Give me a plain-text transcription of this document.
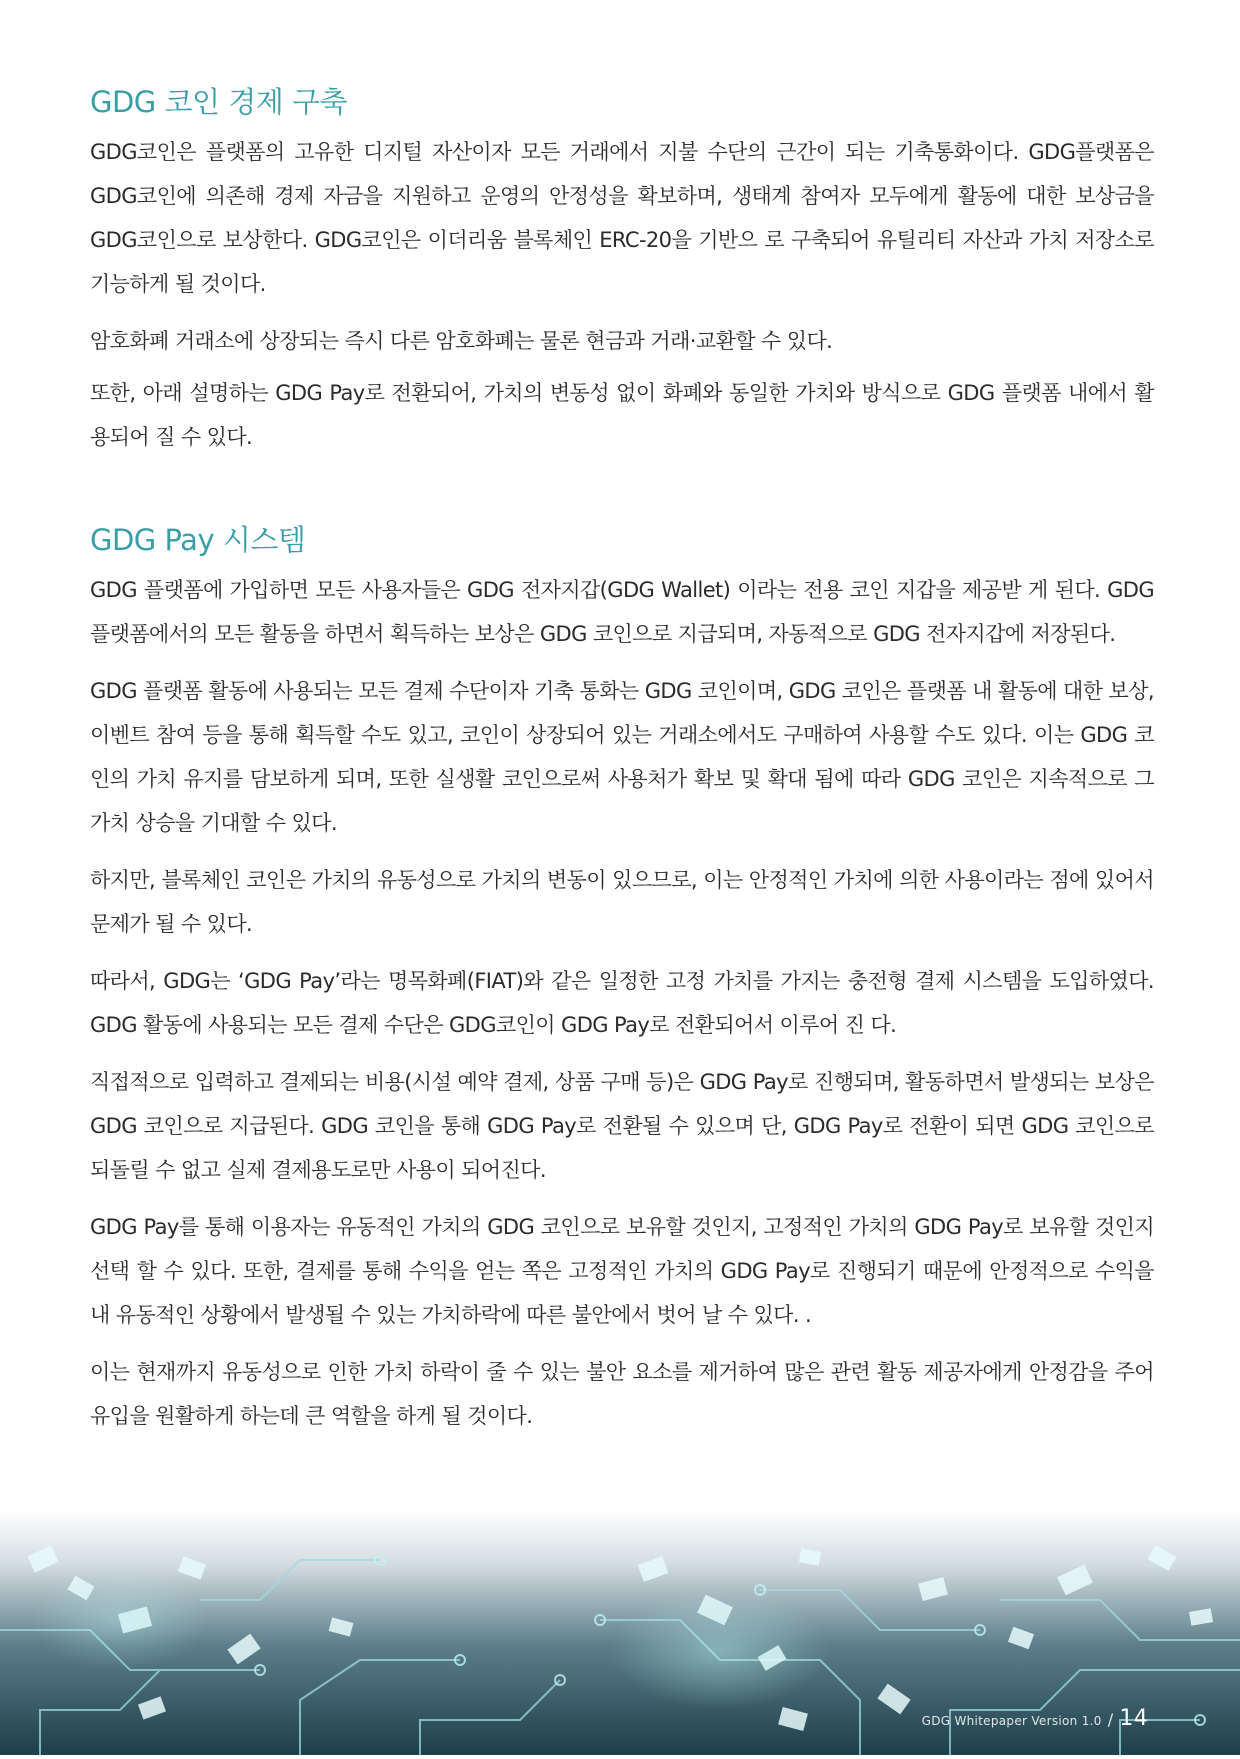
GDG 코인 경제 구축

GDG코인은 플랫폼의 고유한 디지털 자산이자 모든 거래에서 지불 수단의 근간이 되는 기축통화이다. GDG플랫폼은 GDG코인에 의존해 경제 자금을 지원하고 운영의 안정성을 확보하며, 생태계 참여자 모두에게 활동에 대한 보상금을 GDG코인으로 보상한다. GDG코인은 이더리움 블록체인 ERC-20을 기반으 로 구축되어 유틸리티 자산과 가치 저장소로 기능하게 될 것이다.

암호화폐 거래소에 상장되는 즉시 다른 암호화폐는 물론 현금과 거래·교환할 수 있다.

또한, 아래 설명하는 GDG Pay로 전환되어, 가치의 변동성 없이 화폐와 동일한 가치와 방식으로 GDG 플랫폼 내에서 활용되어 질 수 있다.

GDG Pay 시스템

GDG 플랫폼에 가입하면 모든 사용자들은 GDG 전자지갑(GDG Wallet) 이라는 전용 코인 지갑을 제공받 게 된다. GDG 플랫폼에서의 모든 활동을 하면서 획득하는 보상은 GDG 코인으로 지급되며, 자동적으로 GDG 전자지갑에 저장된다.

GDG 플랫폼 활동에 사용되는 모든 결제 수단이자 기축 통화는 GDG 코인이며, GDG 코인은 플랫폼 내 활동에 대한 보상, 이벤트 참여 등을 통해 획득할 수도 있고, 코인이 상장되어 있는 거래소에서도 구매하여 사용할 수도 있다. 이는 GDG 코인의 가치 유지를 담보하게 되며, 또한 실생활 코인으로써 사용처가 확보 및 확대 됨에 따라 GDG 코인은 지속적으로 그 가치 상승을 기대할 수 있다.

하지만, 블록체인 코인은 가치의 유동성으로 가치의 변동이 있으므로, 이는 안정적인 가치에 의한 사용이라는 점에 있어서 문제가 될 수 있다.

따라서, GDG는 ‘GDG Pay’라는 명목화폐(FIAT)와 같은 일정한 고정 가치를 가지는 충전형 결제 시스템을 도입하였다. GDG 활동에 사용되는 모든 결제 수단은 GDG코인이 GDG Pay로 전환되어서 이루어 진 다.

직접적으로 입력하고 결제되는 비용(시설 예약 결제, 상품 구매 등)은 GDG Pay로 진행되며, 활동하면서 발생되는 보상은 GDG 코인으로 지급된다. GDG 코인을 통해 GDG Pay로 전환될 수 있으며 단, GDG Pay로 전환이 되면 GDG 코인으로 되돌릴 수 없고 실제 결제용도로만 사용이 되어진다.

GDG Pay를 통해 이용자는 유동적인 가치의 GDG 코인으로 보유할 것인지, 고정적인 가치의 GDG Pay로 보유할 것인지 선택 할 수 있다. 또한, 결제를 통해 수익을 얻는 쪽은 고정적인 가치의 GDG Pay로 진행되기 때문에 안정적으로 수익을 내 유동적인 상황에서 발생될 수 있는 가치하락에 따른 불안에서 벗어 날 수 있다. .

이는 현재까지 유동성으로 인한 가치 하락이 줄 수 있는 불안 요소를 제거하여 많은 관련 활동 제공자에게 안정감을 주어 유입을 원활하게 하는데 큰 역할을 하게 될 것이다.

GDG Whitepaper Version 1.0 / 14
